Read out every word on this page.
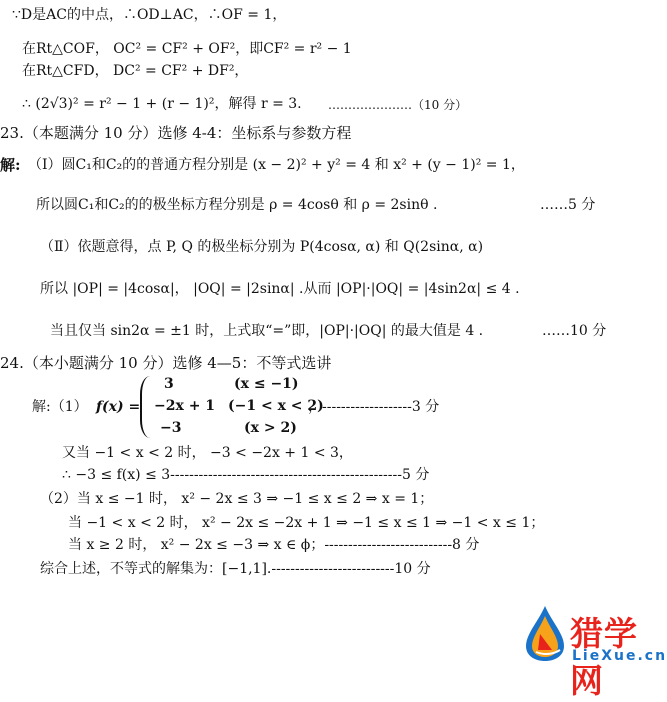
∵D是AC的中点，∴OD⊥AC，∴OF = 1，
在Rt△COF， OC² = CF² + OF²，即CF² = r² − 1
在Rt△CFD， DC² = CF² + DF²，
∴ (2√3)² = r² − 1 + (r − 1)²，解得 r = 3.	…………………（10 分）
23.（本题满分 10 分）选修 4-4：坐标系与参数方程
解: （Ⅰ）圆C₁和C₂的的普通方程分别是 (x − 2)² + y² = 4 和 x² + (y − 1)² = 1，
所以圆C₁和C₂的的极坐标方程分别是 ρ = 4cosθ 和 ρ = 2sinθ .	……5 分
（Ⅱ）依题意得，点 P, Q 的极坐标分别为 P(4cosα, α) 和 Q(2sinα, α)
所以 |OP| = |4cosα|， |OQ| = |2sinα| .从而 |OP|·|OQ| = |4sin2α| ≤ 4 .
当且仅当 sin2α = ±1 时，上式取“=”即，|OP|·|OQ| 的最大值是 4 .	……10 分
24.（本小题满分 10 分）选修 4—5：不等式选讲
解:（1） f(x) =
3	(x ≤ −1)
−2x + 1 (−1 < x < 2)
−3	(x > 2)
，-------------------3 分
又当 −1 < x < 2 时， −3 < −2x + 1 < 3，
∴ −3 ≤ f(x) ≤ 3-------------------------------------------------5 分
（2）当 x ≤ −1 时， x² − 2x ≤ 3 ⇒ −1 ≤ x ≤ 2 ⇒ x = 1；
当 −1 < x < 2 时， x² − 2x ≤ −2x + 1 ⇒ −1 ≤ x ≤ 1 ⇒ −1 < x ≤ 1；
当 x ≥ 2 时， x² − 2x ≤ −3 ⇒ x ∈ ϕ；---------------------------8 分
综合上述，不等式的解集为：[−1,1].--------------------------10 分
猎学网
LieXue.cn
